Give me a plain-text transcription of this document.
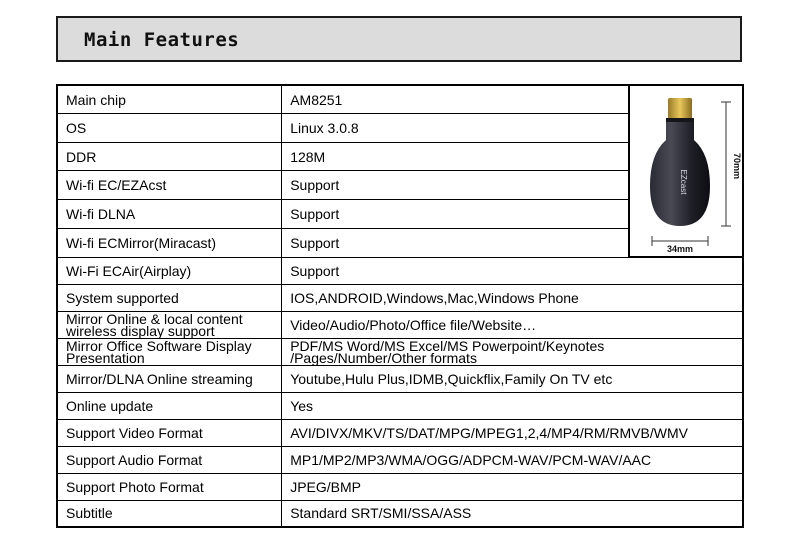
Main Features
Main chip	AM8251	EZcast
70mm
34mm

OS	Linux 3.0.8	
DDR	128M	
Wi-fi EC/EZAcst	Support	
Wi-fi DLNA	Support	
Wi-fi ECMirror(Miracast)	Support	
Wi-Fi ECAir(Airplay)	Support	
System supported	IOS,ANDROID,Windows,Mac,Windows Phone	
Mirror Online & local content
wireless display support	Video/Audio/Photo/Office file/Website…	
Mirror Office Software Display
Presentation	PDF/MS Word/MS Excel/MS Powerpoint/Keynotes
/Pages/Number/Other formats	
Mirror/DLNA Online streaming	Youtube,Hulu Plus,IDMB,Quickflix,Family On TV etc	
Online update	Yes	
Support Video Format	AVI/DIVX/MKV/TS/DAT/MPG/MPEG1,2,4/MP4/RM/RMVB/WMV	
Support Audio Format	MP1/MP2/MP3/WMA/OGG/ADPCM-WAV/PCM-WAV/AAC	
Support Photo Format	JPEG/BMP	
Subtitle	Standard SRT/SMI/SSA/ASS	
